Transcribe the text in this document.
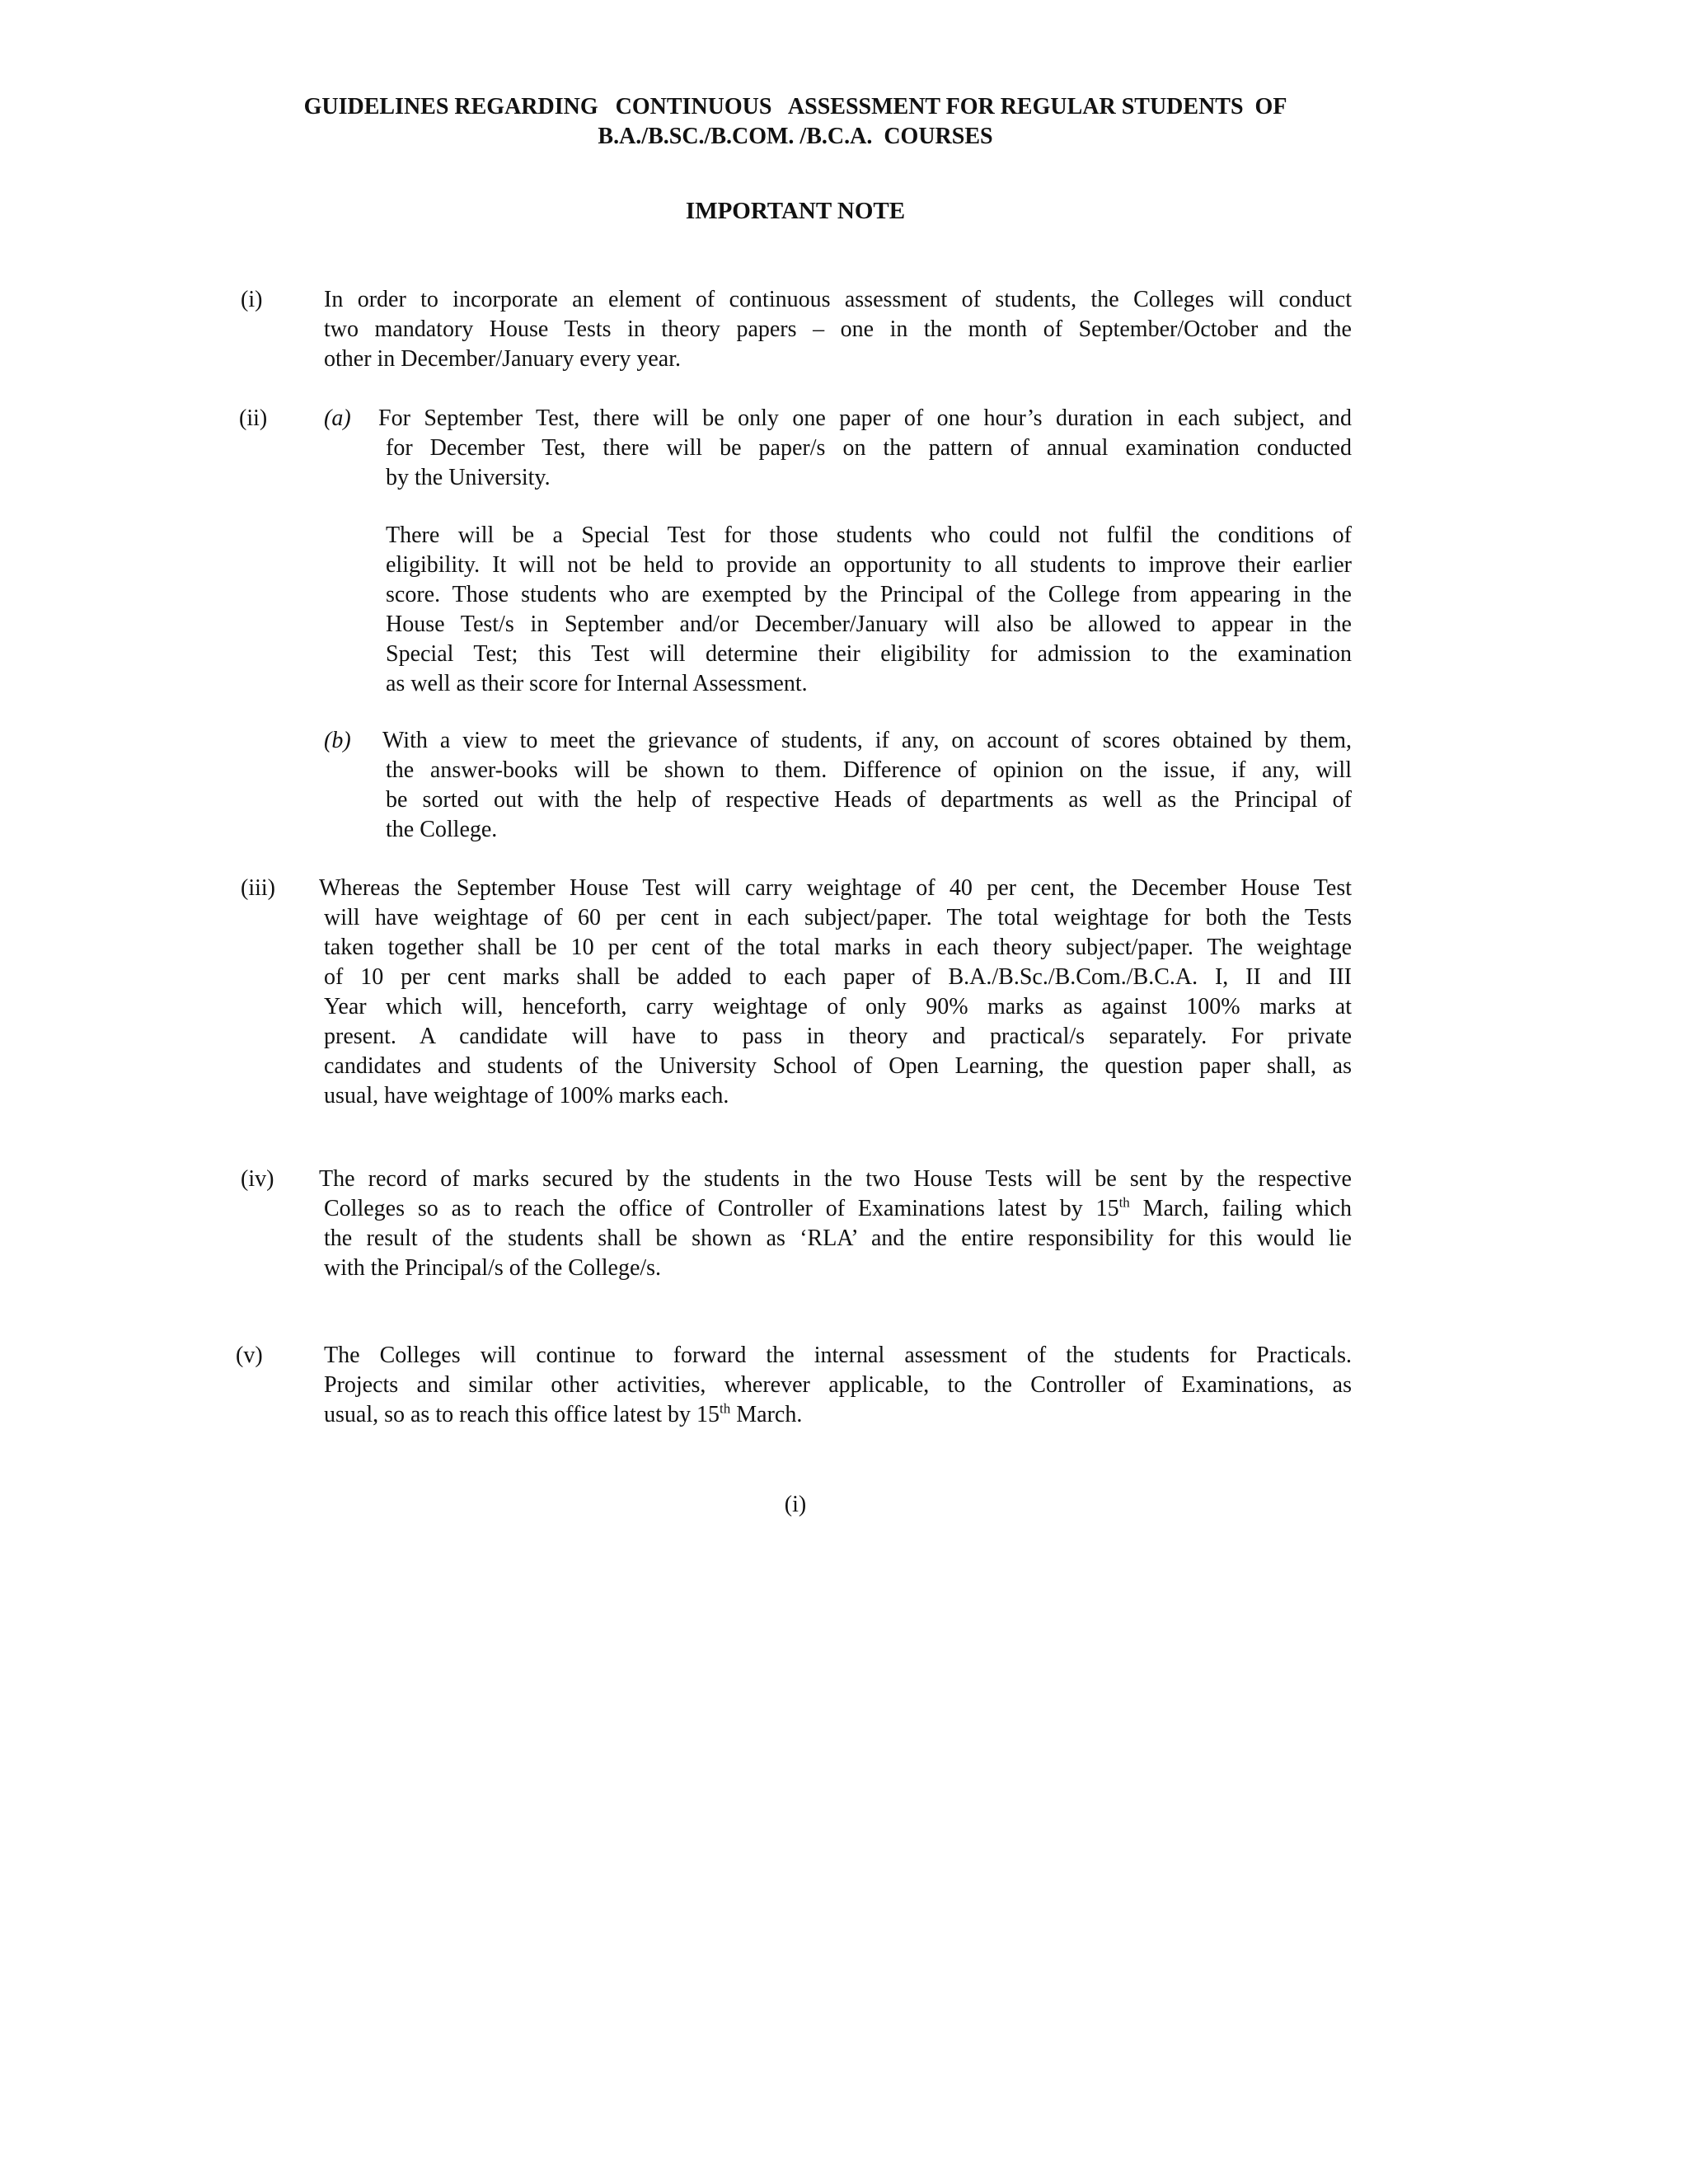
GUIDELINES REGARDING   CONTINUOUS   ASSESSMENT FOR REGULAR STUDENTS  OF
B.A./B.SC./B.COM. /B.C.A.  COURSES
IMPORTANT NOTE
(i)	In order to incorporate an element of continuous assessment of students, the Colleges will conduct
two mandatory House Tests in theory papers – one in the month of September/October and the
other in December/January every year.
(ii) (a) For September Test, there will be only one paper of one hour’s duration in each subject, and
for December Test, there will be paper/s on the pattern of annual examination conducted
by the University.
There will be a Special Test for those students who could not fulfil the conditions of
eligibility. It will not be held to provide an opportunity to all students to improve their earlier
score. Those students who are exempted by the Principal of the College from appearing in the
House Test/s in September and/or December/January will also be allowed to appear in the
Special Test; this Test will determine their eligibility for admission to the examination
as well as their score for Internal Assessment.
(b) With a view to meet the grievance of students, if any, on account of scores obtained by them,
the answer-books will be shown to them. Difference of opinion on the issue, if any, will
be sorted out with the help of respective Heads of departments as well as the Principal of
the College.
(iii) Whereas the September House Test will carry weightage of 40 per cent, the December House Test
will have weightage of 60 per cent in each subject/paper. The total weightage for both the Tests
taken together shall be 10 per cent of the total marks in each theory subject/paper. The weightage
of 10 per cent marks shall be added to each paper of B.A./B.Sc./B.Com./B.C.A. I, II and III
Year which will, henceforth, carry weightage of only 90% marks as against 100% marks at
present. A candidate will have to pass in theory and practical/s separately. For private
candidates and students of the University School of Open Learning, the question paper shall, as
usual, have weightage of 100% marks each.
(iv) The record of marks secured by the students in the two House Tests will be sent by the respective
Colleges so as to reach the office of Controller of Examinations latest by 15th March, failing which
the result of the students shall be shown as ‘RLA’ and the entire responsibility for this would lie
with the Principal/s of the College/s.
(v)	The Colleges will continue to forward the internal assessment of the students for Practicals.
Projects and similar other activities, wherever applicable, to the Controller of Examinations, as
usual, so as to reach this office latest by 15th March.
(i)
